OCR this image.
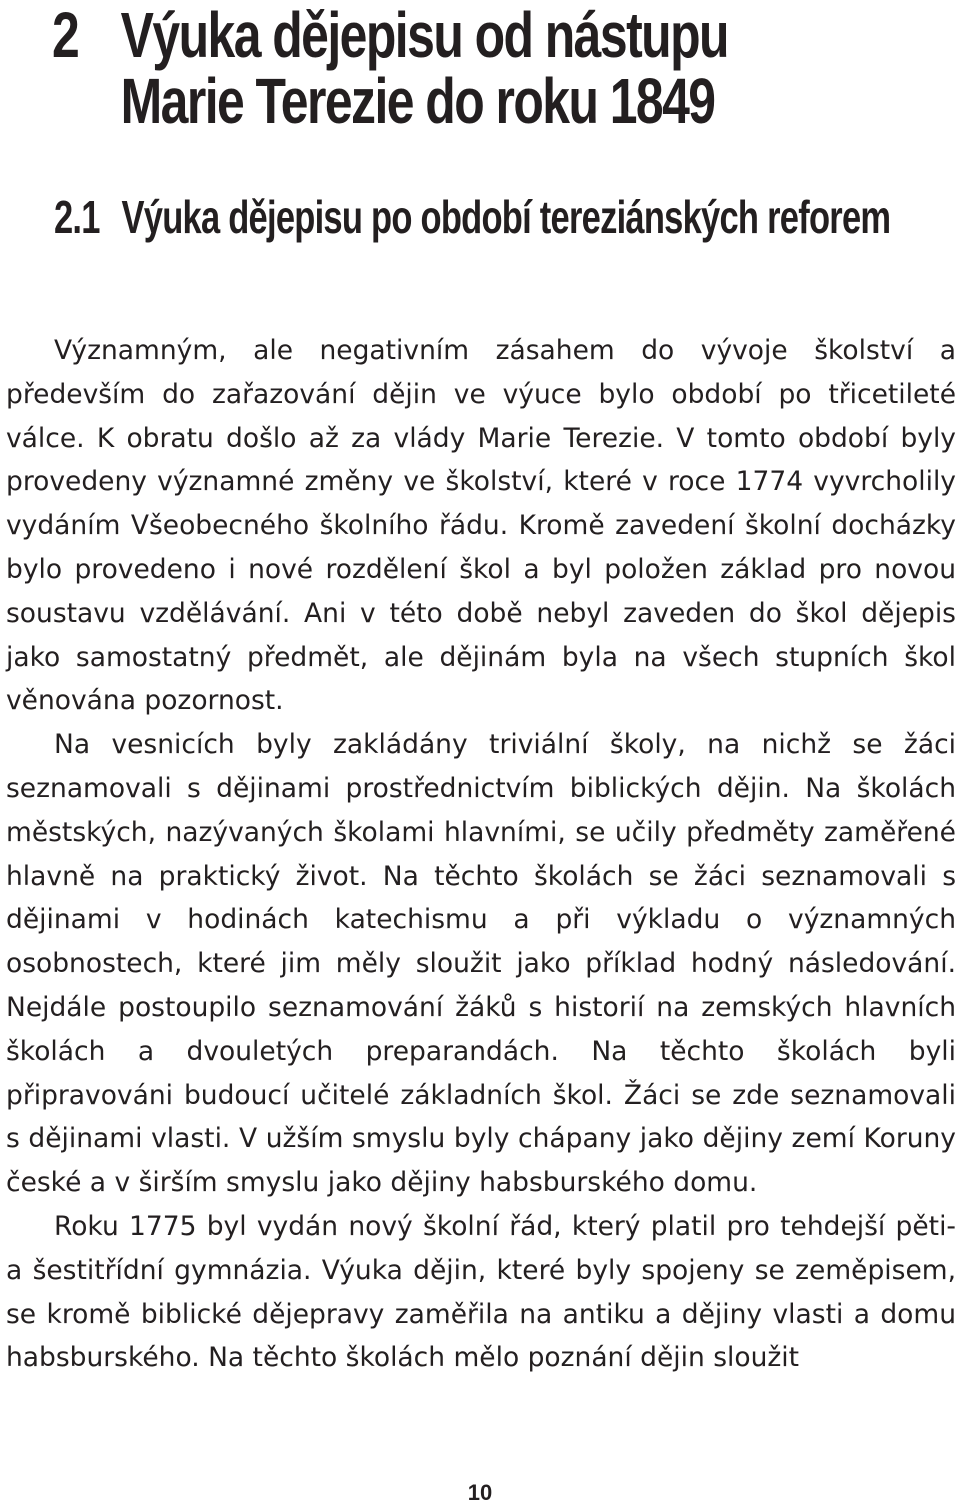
2 Výuka dějepisu od nástupu
Marie Terezie do roku 1849
2.1 Výuka dějepisu po období tereziánských reforem

Významným, ale negativním zásahem do vývoje školství a především do zařazování dějin ve výuce bylo období po třicetileté válce. K obratu došlo až za vlády Marie Terezie. V tomto období byly provedeny významné změny ve školství, které v roce 1774 vyvrcholily vydáním Všeobecného školního řádu. Kromě zavedení školní docházky bylo provedeno i nové rozdělení škol a byl položen základ pro novou soustavu vzdělávání. Ani v této době nebyl zaveden do škol dějepis jako samostatný předmět, ale dějinám byla na všech stupních škol věnována pozornost.

Na vesnicích byly zakládány triviální školy, na nichž se žáci seznamovali s dějinami prostřednictvím biblických dějin. Na školách městských, nazývaných školami hlavními, se učily předměty zaměřené hlavně na praktický život. Na těchto školách se žáci seznamovali s dějinami v hodinách katechismu a při výkladu o významných osobnostech, které jim měly sloužit jako příklad hodný následování. Nejdále postoupilo seznamování žáků s historií na zemských hlavních školách a dvouletých preparandách. Na těchto školách byli připravováni budoucí učitelé základních škol. Žáci se zde seznamovali s dějinami vlasti. V užším smyslu byly chápany jako dějiny zemí Koruny české a v širším smyslu jako dějiny habsburského domu.

Roku 1775 byl vydán nový školní řád, který platil pro tehdejší pěti- a šestitřídní gymnázia. Výuka dějin, které byly spojeny se zeměpisem, se kromě biblické dějepravy zaměřila na antiku a dějiny vlasti a domu habsburského. Na těchto školách mělo poznání dějin sloužit

10
